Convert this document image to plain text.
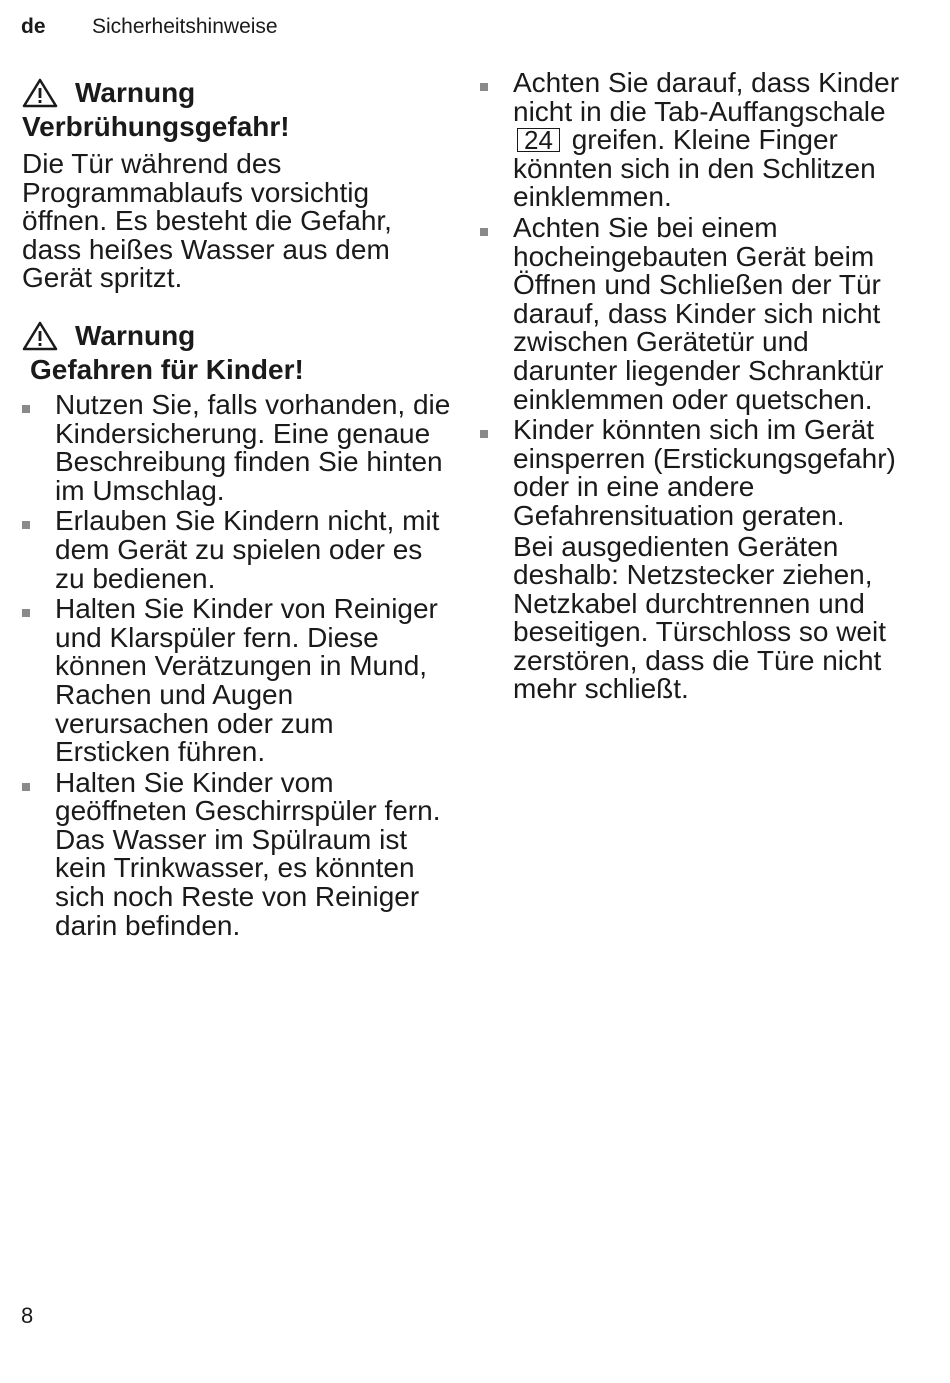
de Sicherheitshinweise
Warnung
Verbrühungsgefahr!
Die Tür während des Programmablaufs vorsichtig öffnen. Es besteht die Gefahr, dass heißes Wasser aus dem Gerät spritzt.
Warnung
Gefahren für Kinder!
Nutzen Sie, falls vorhanden, die Kindersicherung. Eine genaue Beschreibung finden Sie hinten im Umschlag.
Erlauben Sie Kindern nicht, mit dem Gerät zu spielen oder es zu bedienen.
Halten Sie Kinder von Reiniger und Klarspüler fern. Diese können Verätzungen in Mund, Rachen und Augen verursachen oder zum Ersticken führen.
Halten Sie Kinder vom geöffneten Geschirrspüler fern. Das Wasser im Spülraum ist kein Trinkwasser, es könnten sich noch Reste von Reiniger darin befinden.
Achten Sie darauf, dass Kinder nicht in die Tab-Auffangschale 24 greifen. Kleine Finger könnten sich in den Schlitzen einklemmen.
Achten Sie bei einem hocheingebauten Gerät beim Öffnen und Schließen der Tür darauf, dass Kinder sich nicht zwischen Gerätetür und darunter liegender Schranktür einklemmen oder quetschen.
Kinder könnten sich im Gerät einsperren (Erstickungsgefahr) oder in eine andere Gefahrensituation geraten.
Bei ausgedienten Geräten deshalb: Netzstecker ziehen, Netzkabel durchtrennen und beseitigen. Türschloss so weit zerstören, dass die Türe nicht mehr schließt.
8
